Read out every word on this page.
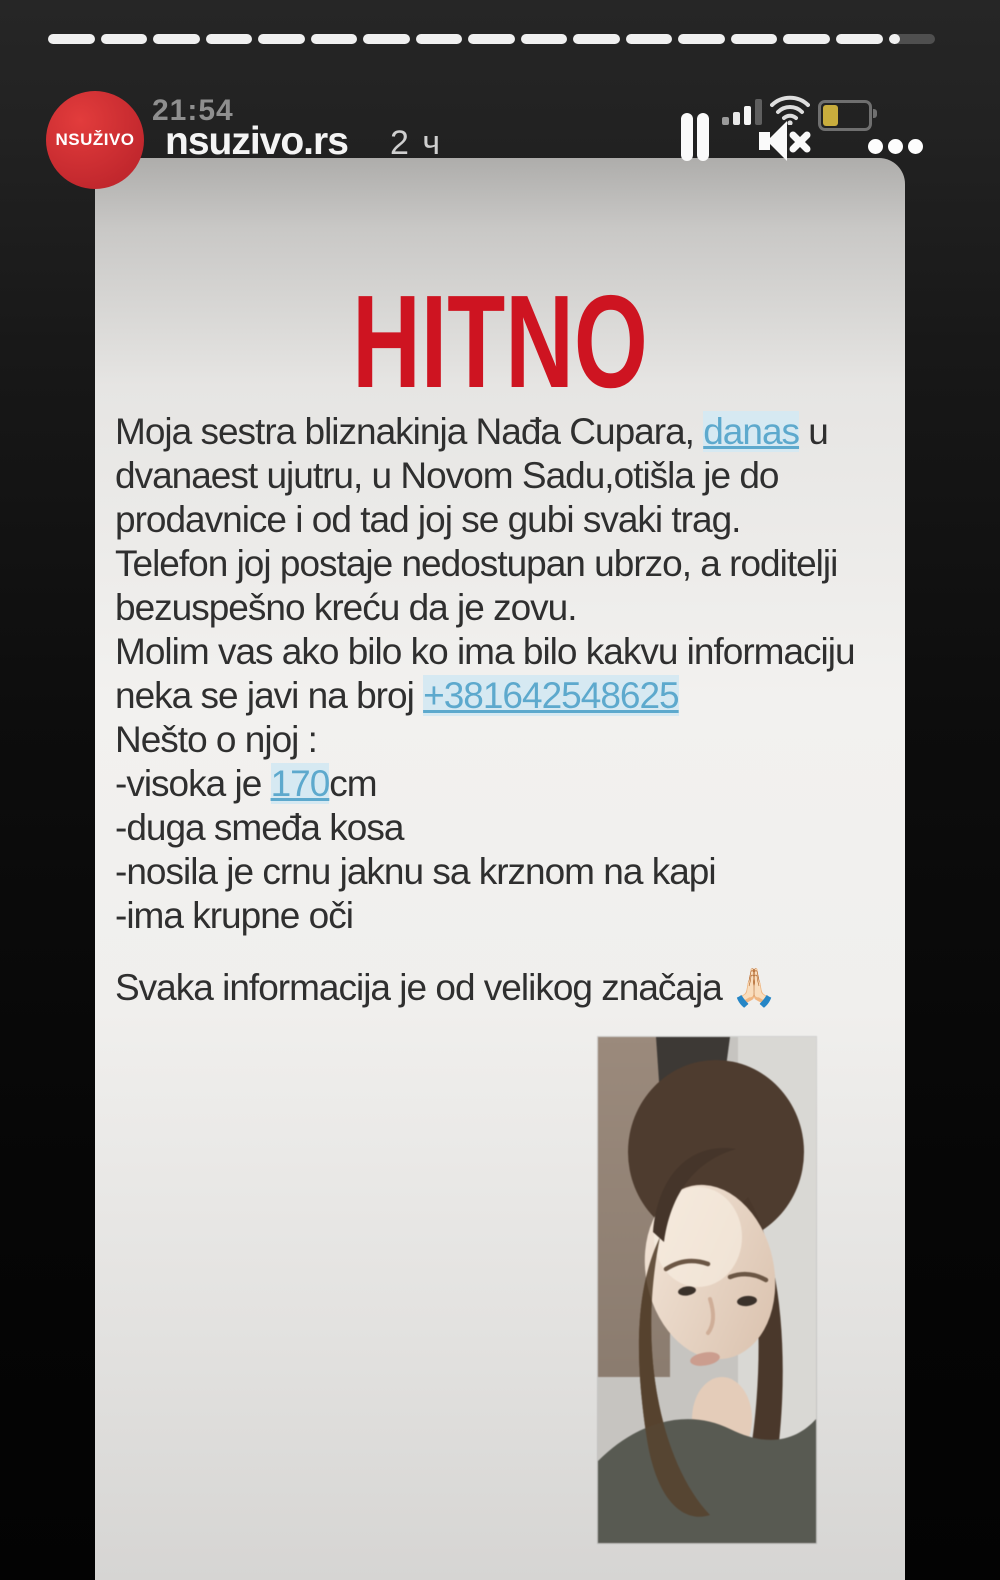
NSUŽIVO
21:54
nsuzivo.rs 2 ч
HITNO
Moja sestra bliznakinja Nađa Cupara, danas u
dvanaest ujutru, u Novom Sadu,otišla je do
prodavnice i od tad joj se gubi svaki trag.
Telefon joj postaje nedostupan ubrzo, a roditelji
bezuspešno kreću da je zovu.
Molim vas ako bilo ko ima bilo kakvu informaciju
neka se javi na broj +381642548625
Nešto o njoj :
-visoka je 170cm
-duga smeđa kosa
-nosila je crnu jaknu sa krznom na kapi
-ima krupne oči
Svaka informacija je od velikog značaja 🙏🏻
